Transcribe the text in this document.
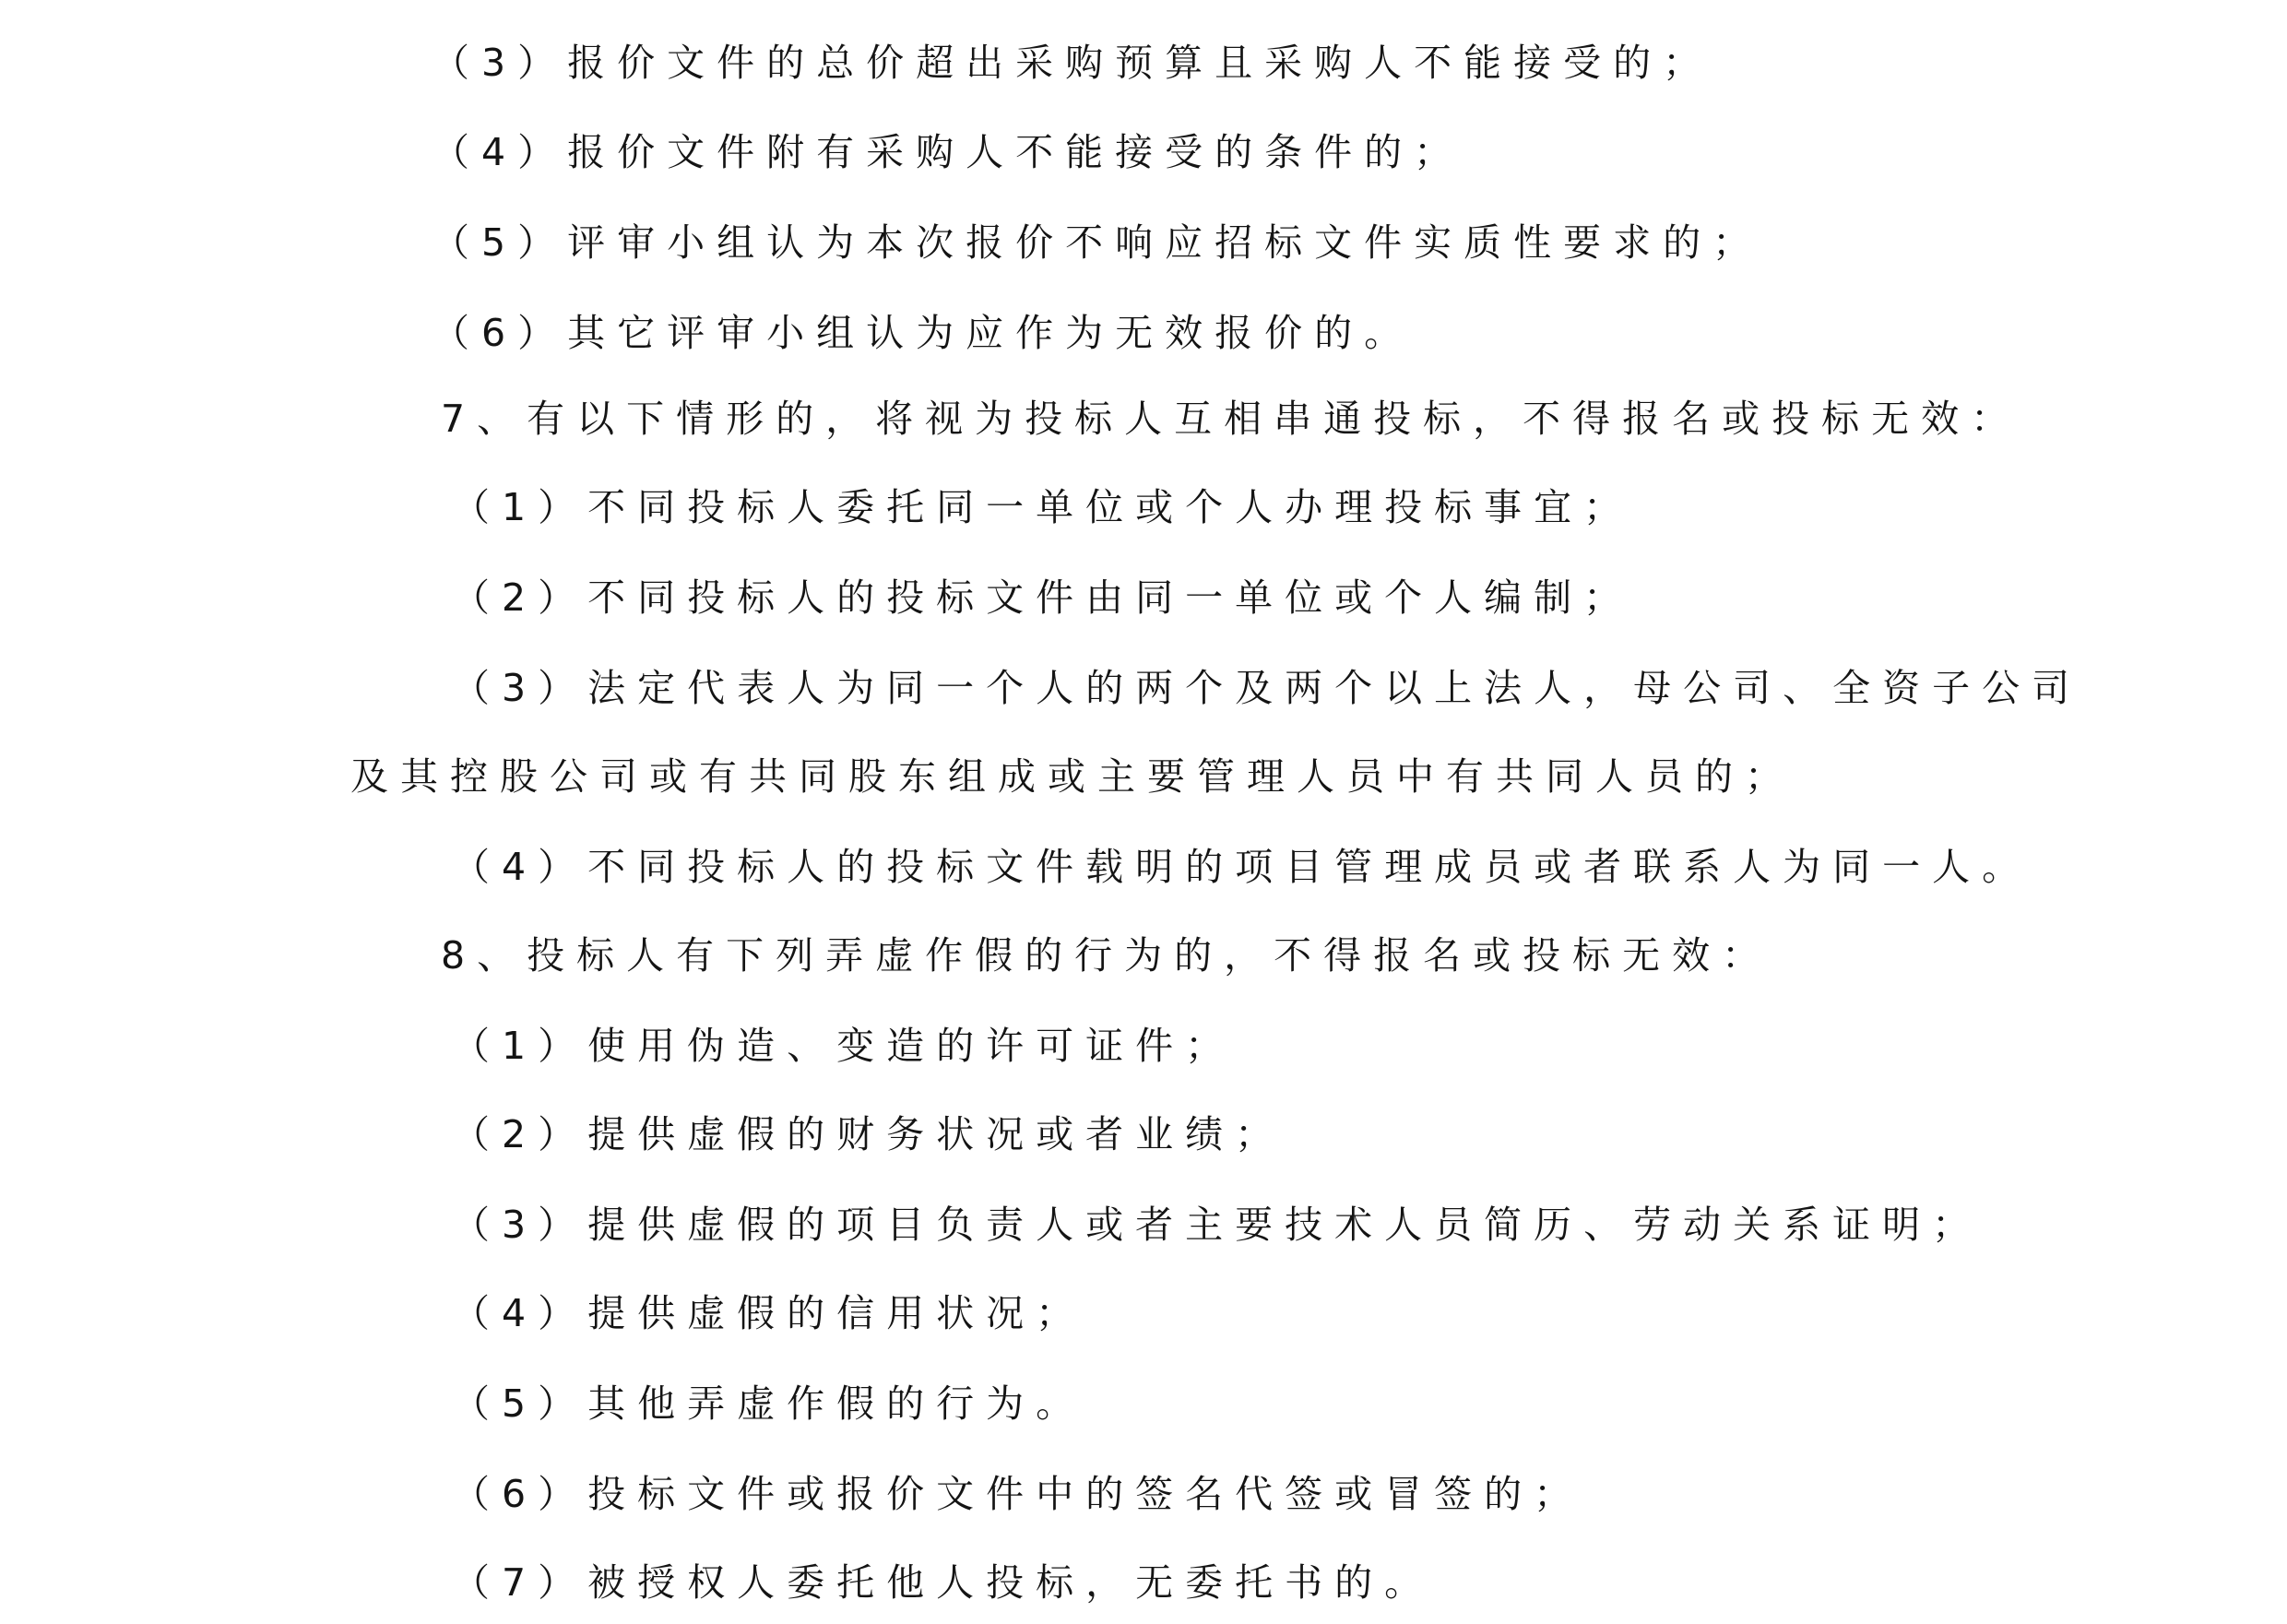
（3）报价文件的总价超出采购预算且采购人不能接受的；
（4）报价文件附有采购人不能接受的条件的；
（5）评审小组认为本次报价不响应招标文件实质性要求的；
（6）其它评审小组认为应作为无效报价的。
7、有以下情形的，将视为投标人互相串通投标，不得报名或投标无效：
（1）不同投标人委托同一单位或个人办理投标事宜；
（2）不同投标人的投标文件由同一单位或个人编制；
（3）法定代表人为同一个人的两个及两个以上法人，母公司、全资子公司
及其控股公司或有共同股东组成或主要管理人员中有共同人员的；
（4）不同投标人的投标文件载明的项目管理成员或者联系人为同一人。
8、投标人有下列弄虚作假的行为的，不得报名或投标无效：
（1）使用伪造、变造的许可证件；
（2）提供虚假的财务状况或者业绩；
（3）提供虚假的项目负责人或者主要技术人员简历、劳动关系证明；
（4）提供虚假的信用状况；
（5）其他弄虚作假的行为。
（6）投标文件或报价文件中的签名代签或冒签的；
（7）被授权人委托他人投标，无委托书的。
